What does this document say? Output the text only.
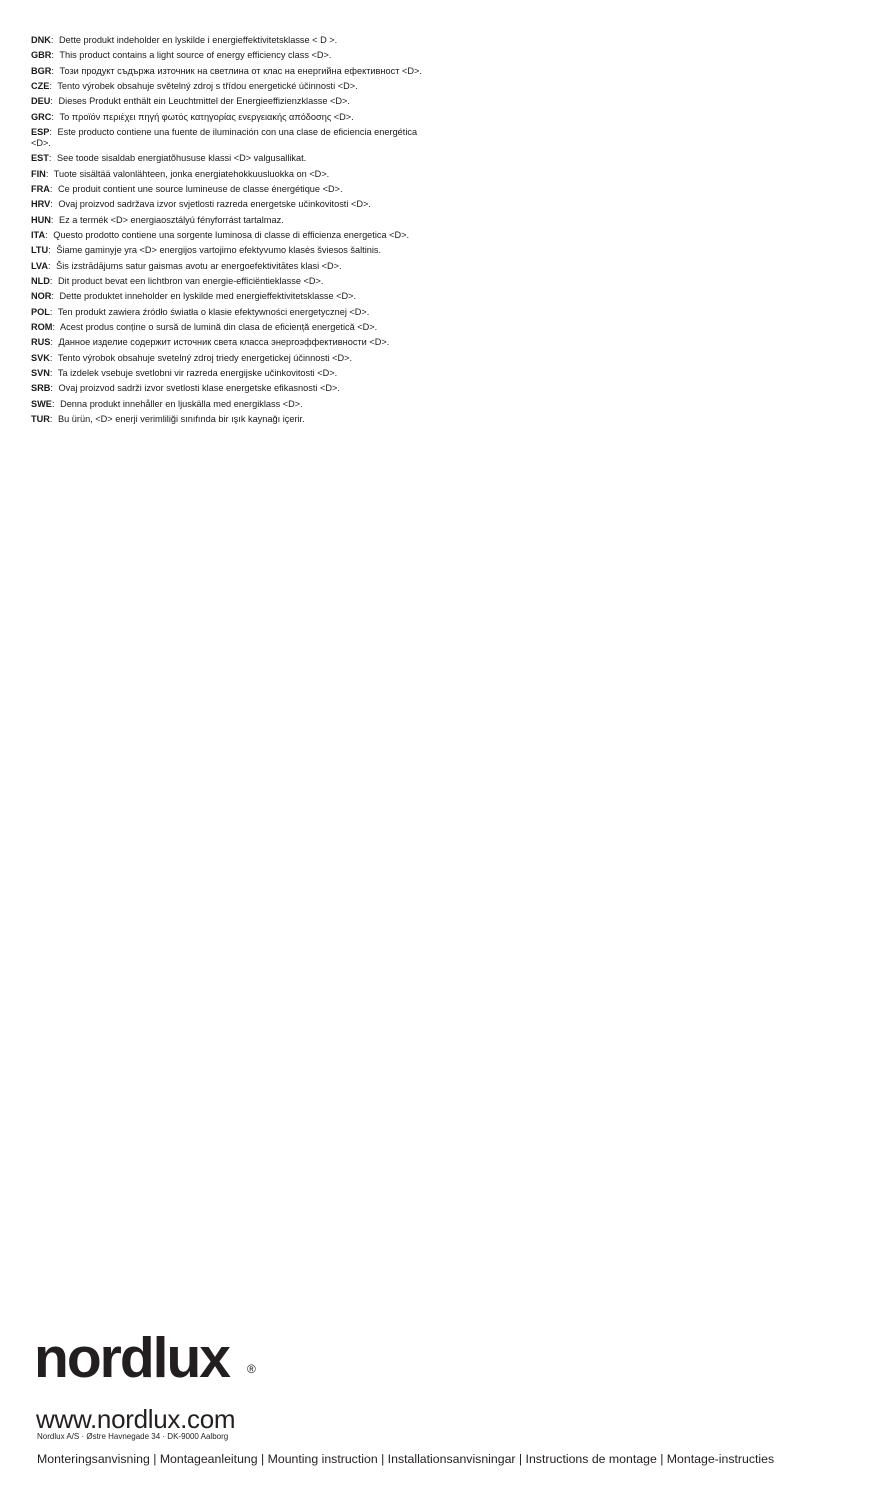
DNK: Dette produkt indeholder en lyskilde i energieffektivitetsklasse < D >.

GBR: This product contains a light source of energy efficiency class <D>.

BGR: Този продукт съдържа източник на светлина от клас на енергийна ефективност <D>.

CZE: Tento výrobek obsahuje světelný zdroj s třídou energetické účinnosti <D>.

DEU: Dieses Produkt enthält ein Leuchtmittel der Energieeffizienzklasse <D>.

GRC: Το προϊόν περιέχει πηγή φωτός κατηγορίας ενεργειακής απόδοσης <D>.

ESP: Este producto contiene una fuente de iluminación con una clase de eficiencia energética <D>.

EST: See toode sisaldab energiatõhususe klassi <D> valgusallikat.

FIN: Tuote sisältää valonlähteen, jonka energiatehokkuusluokka on <D>.

FRA: Ce produit contient une source lumineuse de classe énergétique <D>.

HRV: Ovaj proizvod sadržava izvor svjetlosti razreda energetske učinkovitosti <D>.

HUN: Ez a termék <D> energiaosztályú fényforrást tartalmaz.

ITA: Questo prodotto contiene una sorgente luminosa di classe di efficienza energetica <D>.

LTU: Šiame gaminyje yra <D> energijos vartojimo efektyvumo klasės šviesos šaltinis.

LVA: Šis izstrādājums satur gaismas avotu ar energoefektivitātes klasi <D>.

NLD: Dit product bevat een lichtbron van energie-efficiëntieklasse <D>.

NOR: Dette produktet inneholder en lyskilde med energieffektivitetsklasse <D>.

POL: Ten produkt zawiera źródło światła o klasie efektywności energetycznej <D>.

ROM: Acest produs conține o sursă de lumină din clasa de eficiență energetică <D>.

RUS: Данное изделие содержит источник света класса энергоэффективности <D>.

SVK: Tento výrobok obsahuje svetelný zdroj triedy energetickej účinnosti <D>.

SVN: Ta izdelek vsebuje svetlobni vir razreda energijske učinkovitosti <D>.

SRB: Ovaj proizvod sadrži izvor svetlosti klase energetske efikasnosti <D>.

SWE: Denna produkt innehåller en ljuskälla med energiklass <D>.

TUR: Bu ürün, <D> enerji verimliliği sınıfında bir ışık kaynağı içerir.

nordlux ®
www.nordlux.com
Nordlux A/S · Østre Havnegade 34 · DK-9000 Aalborg
Monteringsanvisning | Montageanleitung | Mounting instruction | Installationsanvisningar | Instructions de montage | Montage-instructies
